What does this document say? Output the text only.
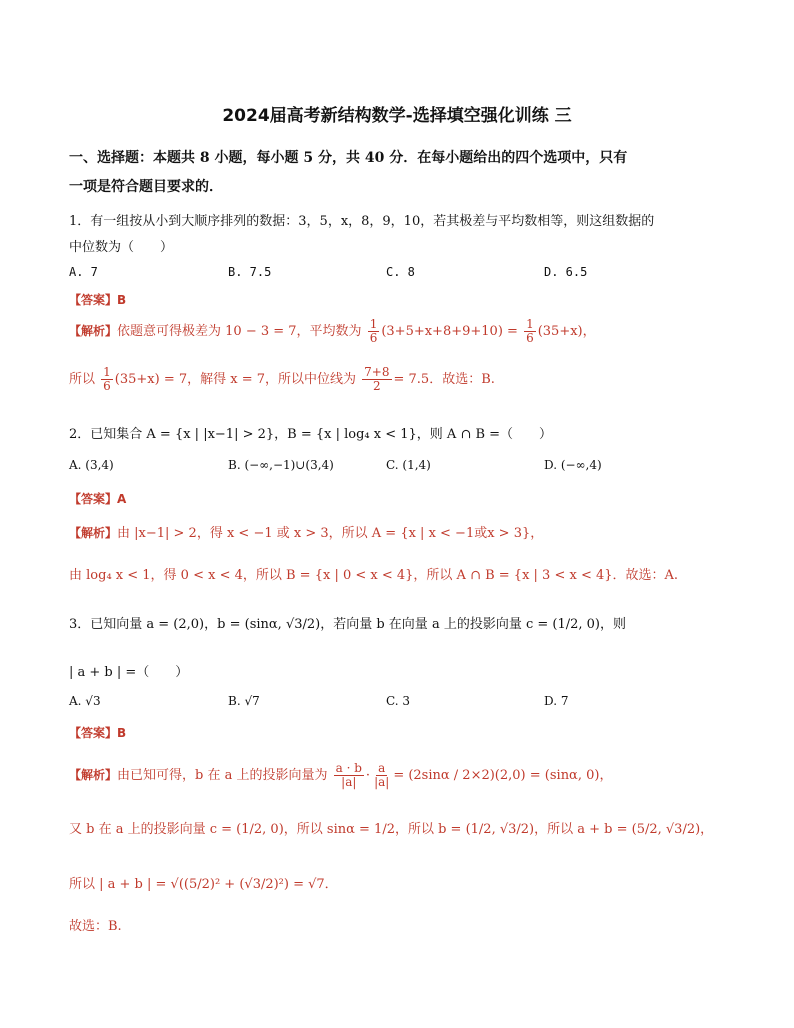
2024届高考新结构数学-选择填空强化训练 三
一、选择题：本题共 8 小题，每小题 5 分，共 40 分．在每小题给出的四个选项中，只有
一项是符合题目要求的．
1．有一组按从小到大顺序排列的数据：3，5，x，8，9，10，若其极差与平均数相等，则这组数据的
中位数为（　　）
A. 7	B. 7.5	C. 8	D. 6.5
【答案】B
【解析】依题意可得极差为 10 − 3 = 7，平均数为 $\frac{1}{6} (3+5+x+8+9+10) = \frac{1}{6} (35+x)$，
所以 $\frac{1}{6} (35+x) = 7$，解得 x = 7，所以中位线为 $\frac{7+8}{2} = 7.5$．故选：B.
2．已知集合 A = {x | |x−1| > 2}，B = {x | log₄ x < 1}，则 A ∩ B =（　　）
A. (3,4)	B. (−∞,−1)∪(3,4)	C. (1,4)	D. (−∞,4)
【答案】A
【解析】由 |x−1| > 2，得 x < −1 或 x > 3，所以 A = {x | x < −1或x > 3}，
由 log₄ x < 1，得 0 < x < 4，所以 B = {x | 0 < x < 4}，所以 A ∩ B = {x | 3 < x < 4}．故选：A.
3．已知向量 a = (2,0)，b = (sinα, √3/2)，若向量 b 在向量 a 上的投影向量 c = (1/2, 0)，则
| a + b | =（　　）
A. √3	B. √7	C. 3	D. 7
【答案】B
【解析】由已知可得，b 在 a 上的投影向量为 $\frac{a \cdot b}{|a|} \cdot \frac{a}{|a|} = (2\sin\alpha / 2\times 2)(2,0) = (\sin\alpha$, 0)，
又 b 在 a 上的投影向量 c = (1/2, 0)，所以 sinα = 1/2，所以 b = (1/2, √3/2)，所以 a + b = (5/2, √3/2)，
所以 | a + b | = √((5/2)² + (√3/2)²) = √7．
故选：B.
